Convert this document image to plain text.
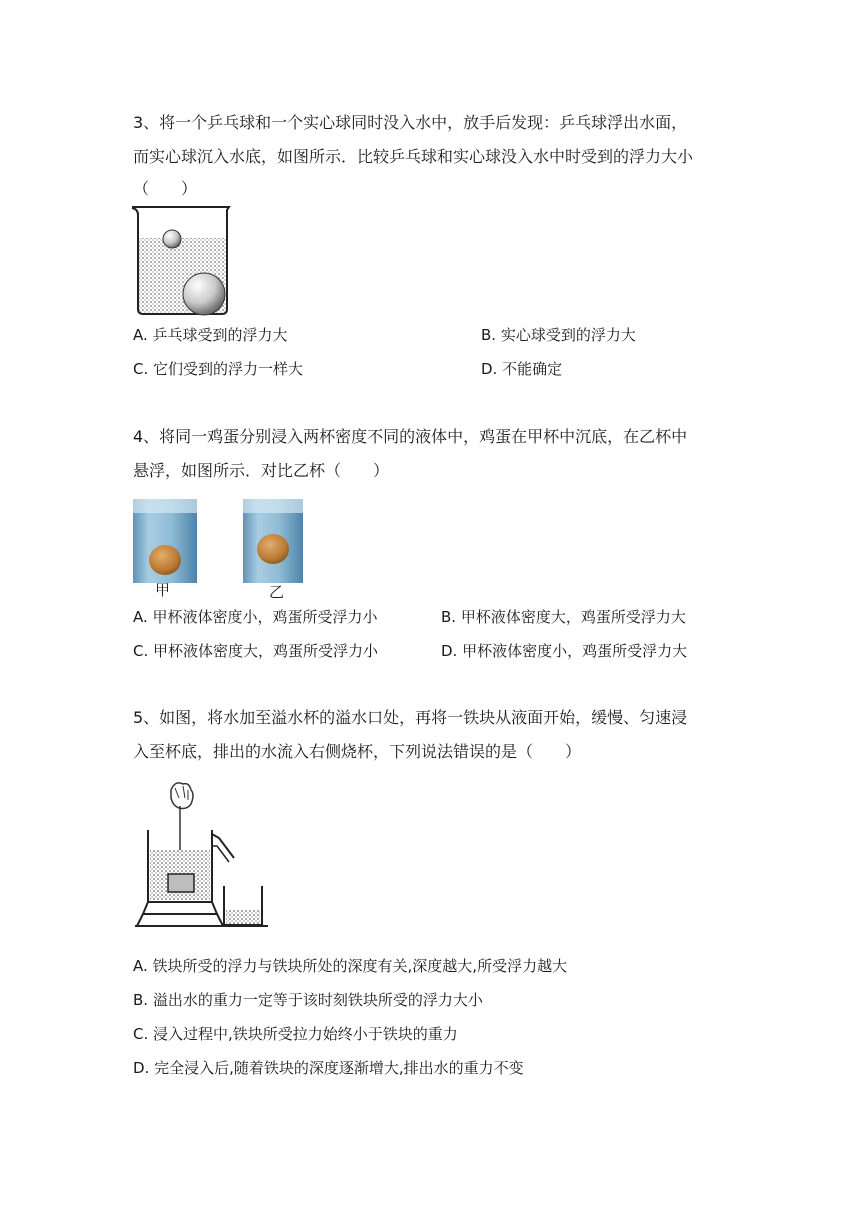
3、将一个乒乓球和一个实心球同时没入水中，放手后发现：乒乓球浮出水面，
而实心球沉入水底，如图所示．比较乒乓球和实心球没入水中时受到的浮力大小
（　　）
A. 乒乓球受到的浮力大	B. 实心球受到的浮力大
C. 它们受到的浮力一样大	D. 不能确定
4、将同一鸡蛋分别浸入两杯密度不同的液体中，鸡蛋在甲杯中沉底，在乙杯中
悬浮，如图所示．对比乙杯（　　）
甲	乙
A. 甲杯液体密度小，鸡蛋所受浮力小	B. 甲杯液体密度大，鸡蛋所受浮力大
C. 甲杯液体密度大，鸡蛋所受浮力小	D. 甲杯液体密度小，鸡蛋所受浮力大
5、如图，将水加至溢水杯的溢水口处，再将一铁块从液面开始，缓慢、匀速浸
入至杯底，排出的水流入右侧烧杯，下列说法错误的是（　　）
A. 铁块所受的浮力与铁块所处的深度有关,深度越大,所受浮力越大
B. 溢出水的重力一定等于该时刻铁块所受的浮力大小
C. 浸入过程中,铁块所受拉力始终小于铁块的重力
D. 完全浸入后,随着铁块的深度逐渐增大,排出水的重力不变
